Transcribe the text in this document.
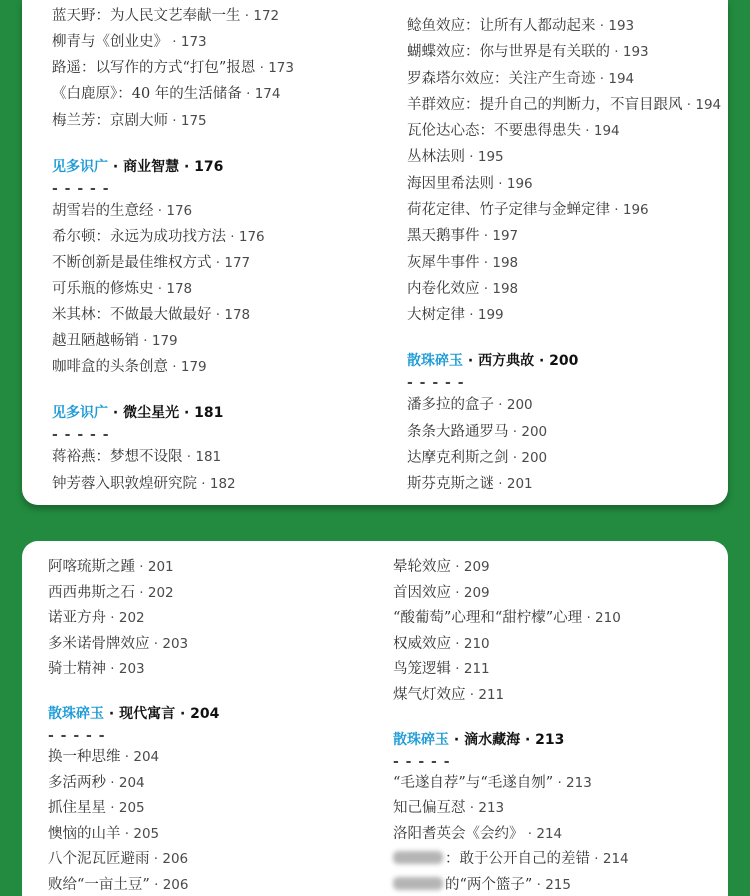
蓝天野：为人民文艺奉献一生 · 172
柳青与《创业史》 · 173
路遥：以写作的方式“打包”报恩 · 173
《白鹿原》：40 年的生活储备 · 174
梅兰芳：京剧大师 · 175
见多识广 · 商业智慧 · 176
- - - - -
胡雪岩的生意经 · 176
希尔顿：永远为成功找方法 · 176
不断创新是最佳维权方式 · 177
可乐瓶的修炼史 · 178
米其林：不做最大做最好 · 178
越丑陋越畅销 · 179
咖啡盒的头条创意 · 179
见多识广 · 微尘星光 · 181
- - - - -
蒋裕燕：梦想不设限 · 181
钟芳蓉入职敦煌研究院 · 182
鲶鱼效应：让所有人都动起来 · 193
蝴蝶效应：你与世界是有关联的 · 193
罗森塔尔效应：关注产生奇迹 · 194
羊群效应：提升自己的判断力，不盲目跟风 · 194
瓦伦达心态：不要患得患失 · 194
丛林法则 · 195
海因里希法则 · 196
荷花定律、竹子定律与金蝉定律 · 196
黑天鹅事件 · 197
灰犀牛事件 · 198
内卷化效应 · 198
大树定律 · 199
散珠碎玉 · 西方典故 · 200
- - - - -
潘多拉的盒子 · 200
条条大路通罗马 · 200
达摩克利斯之剑 · 200
斯芬克斯之谜 · 201
阿喀琉斯之踵 · 201
西西弗斯之石 · 202
诺亚方舟 · 202
多米诺骨牌效应 · 203
骑士精神 · 203
散珠碎玉 · 现代寓言 · 204
- - - - -
换一种思维 · 204
多活两秒 · 204
抓住星星 · 205
懊恼的山羊 · 205
八个泥瓦匠避雨 · 206
败给“一亩土豆” · 206
晕轮效应 · 209
首因效应 · 209
“酸葡萄”心理和“甜柠檬”心理 · 210
权威效应 · 210
鸟笼逻辑 · 211
煤气灯效应 · 211
散珠碎玉 · 滴水藏海 · 213
- - - - -
“毛遂自荐”与“毛遂自刎” · 213
知己偏互怼 · 213
洛阳耆英会《会约》 · 214
：敢于公开自己的差错 · 214
的“两个篮子” · 215
